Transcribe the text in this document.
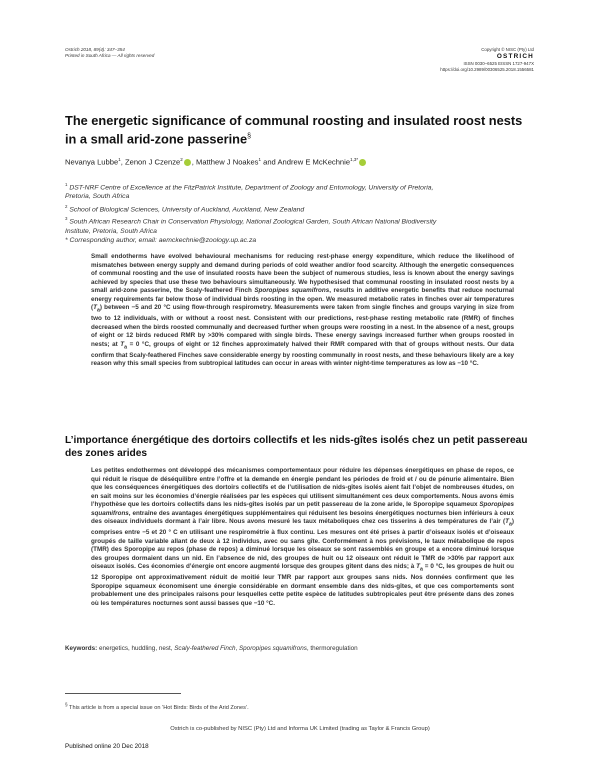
Ostrich 2018, 89(4): 347–354
Printed in South Africa — All rights reserved
Copyright © NISC (Pty) Ltd
OSTRICH
ISSN 0030–6525 EISSN 1727-947X
https://doi.org/10.2989/00306525.2018.1556581
The energetic significance of communal roosting and insulated roost nests
in a small arid-zone passerine§
Nevanya Lubbe$^1$, Zenon J Czenze$^2$ , Matthew J Noakes$^1$ and Andrew E McKechnie$^{1,3*}$
$^1$ DST-NRF Centre of Excellence at the FitzPatrick Institute, Department of Zoology and Entomology, University of Pretoria,
Pretoria, South Africa
$^2$ School of Biological Sciences, University of Auckland, Auckland, New Zealand
$^3$ South African Research Chair in Conservation Physiology, National Zoological Garden, South African National Biodiversity
Institute, Pretoria, South Africa
* Corresponding author, email: aemckechnie@zoology.up.ac.za
Small endotherms have evolved behavioural mechanisms for reducing rest-phase energy expenditure, which reduce the likelihood of mismatches between energy supply and demand during periods of cold weather and/or food scarcity. Although the energetic consequences of communal roosting and the use of insulated roosts have been the subject of numerous studies, less is known about the energy savings achieved by species that use these two behaviours simultaneously. We hypothesised that communal roosting in insulated roost nests by a small arid-zone passerine, the Scaly-feathered Finch Sporopipes squamifrons, results in additive energetic benefits that reduce nocturnal energy requirements far below those of individual birds roosting in the open. We measured metabolic rates in finches over air temperatures $(T_a)$ between −5 and 20 °C using flow-through respirometry. Measurements were taken from single finches and groups varying in size from two to 12 individuals, with or without a roost nest. Consistent with our predictions, rest-phase resting metabolic rate (RMR) of finches decreased when the birds roosted communally and decreased further when groups were roosting in a nest. In the absence of a nest, groups of eight or 12 birds reduced RMR by >30% compared with single birds. These energy savings increased further when groups roosted in nests; at $T_a = 0$ °C, groups of eight or 12 finches approximately halved their RMR compared with that of groups without nests. Our data confirm that Scaly-feathered Finches save considerable energy by roosting communally in roost nests, and these behaviours likely are a key reason why this small species from subtropical latitudes can occur in areas with winter night-time temperatures as low as −10 °C.
L’importance énergétique des dortoirs collectifs et les nids-gîtes isolés chez un petit passereau des zones arides
Les petites endothermes ont développé des mécanismes comportementaux pour réduire les dépenses énergétiques en phase de repos, ce qui réduit le risque de déséquilibre entre l’offre et la demande en énergie pendant les périodes de froid et / ou de pénurie alimentaire. Bien que les conséquences énergétiques des dortoirs collectifs et de l’utilisation de nids-gîtes isolés aient fait l’objet de nombreuses études, on en sait moins sur les économies d’énergie réalisées par les espèces qui utilisent simultanément ces deux comportements. Nous avons émis l’hypothèse que les dortoirs collectifs dans les nids-gîtes isolés par un petit passereau de la zone aride, le Sporopipe squameux Sporopipes squamifrons, entraîne des avantages énergétiques supplémentaires qui réduisent les besoins énergétiques nocturnes bien inférieurs à ceux des oiseaux individuels dormant à l’air libre. Nous avons mesuré les taux métaboliques chez ces tisserins à des températures de l’air $(T_a)$ comprises entre −5 et 20 ° C en utilisant une respirométrie à flux continu. Les mesures ont été prises à partir d’oiseaux isolés et d’oiseaux groupés de taille variable allant de deux à 12 individus, avec ou sans gîte. Conformément à nos prévisions, le taux métabolique de repos (TMR) des Sporopipe au repos (phase de repos) a diminué lorsque les oiseaux se sont rassemblés en groupe et a encore diminué lorsque des groupes dormaient dans un nid. En l’absence de nid, des groupes de huit ou 12 oiseaux ont réduit le TMR de >30% par rapport aux oiseaux isolés. Ces économies d’énergie ont encore augmenté lorsque des groupes gîtent dans des nids; à $T_a = 0$ °C, les groupes de huit ou 12 Sporopipe ont approximativement réduit de moitié leur TMR par rapport aux groupes sans nids. Nos données confirment que les Sporopipe squameux économisent une énergie considérable en dormant ensemble dans des nids-gîtes, et que ces comportements sont probablement une des principales raisons pour lesquelles cette petite espèce de latitudes subtropicales peut être présente dans des zones où les températures nocturnes sont aussi basses que −10 °C.
Keywords: energetics, huddling, nest, Scaly-feathered Finch, Sporopipes squamifrons, thermoregulation
§ This article is from a special issue on ‘Hot Birds: Birds of the Arid Zones’.
Ostrich is co-published by NISC (Pty) Ltd and Informa UK Limited (trading as Taylor & Francis Group)
Published online 20 Dec 2018
